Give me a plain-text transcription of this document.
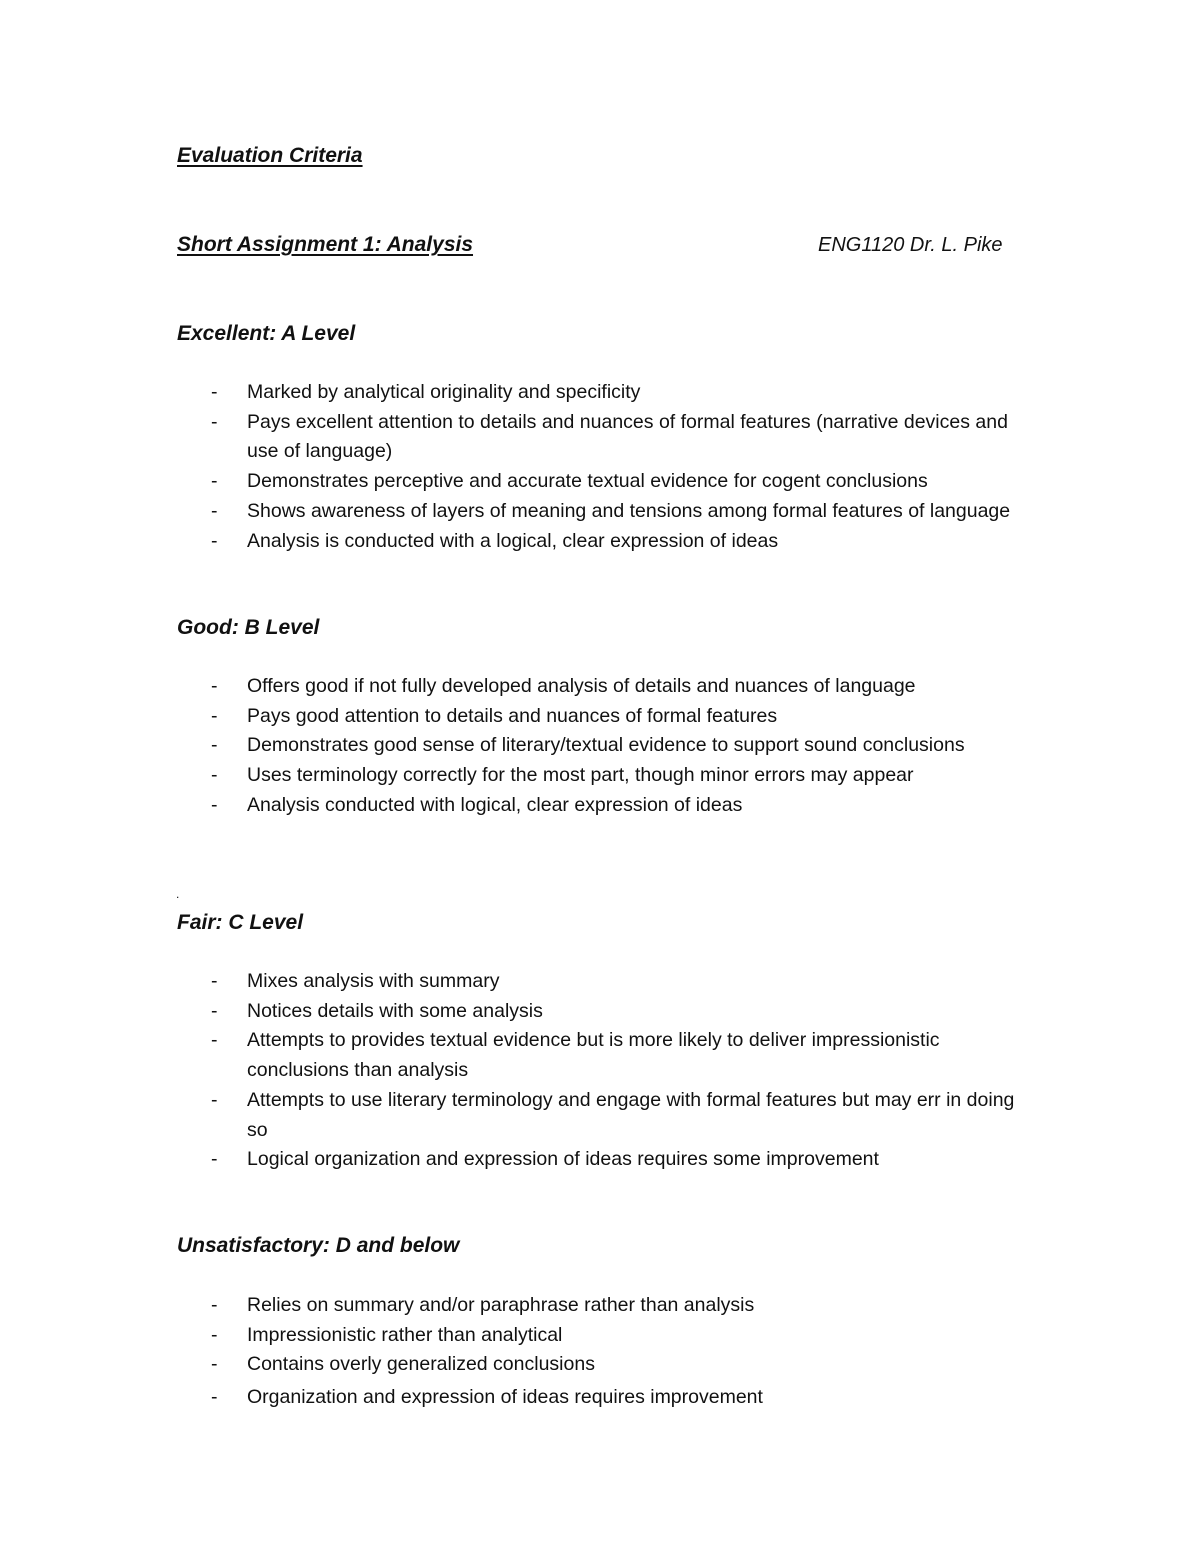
Evaluation Criteria
Short Assignment 1: Analysis	ENG1120 Dr. L. Pike
Excellent: A Level
- Marked by analytical originality and specificity
- Pays excellent attention to details and nuances of formal features (narrative devices and use of language)
- Demonstrates perceptive and accurate textual evidence for cogent conclusions
- Shows awareness of layers of meaning and tensions among formal features of language
- Analysis is conducted with a logical, clear expression of ideas
Good: B Level
- Offers good if not fully developed analysis of details and nuances of language
- Pays good attention to details and nuances of formal features
- Demonstrates good sense of literary/textual evidence to support sound conclusions
- Uses terminology correctly for the most part, though minor errors may appear
- Analysis conducted with logical, clear expression of ideas
.
Fair: C Level
- Mixes analysis with summary
- Notices details with some analysis
- Attempts to provides textual evidence but is more likely to deliver impressionistic conclusions than analysis
- Attempts to use literary terminology and engage with formal features but may err in doing so
- Logical organization and expression of ideas requires some improvement
Unsatisfactory: D and below
- Relies on summary and/or paraphrase rather than analysis
- Impressionistic rather than analytical
- Contains overly generalized conclusions
- Organization and expression of ideas requires improvement
